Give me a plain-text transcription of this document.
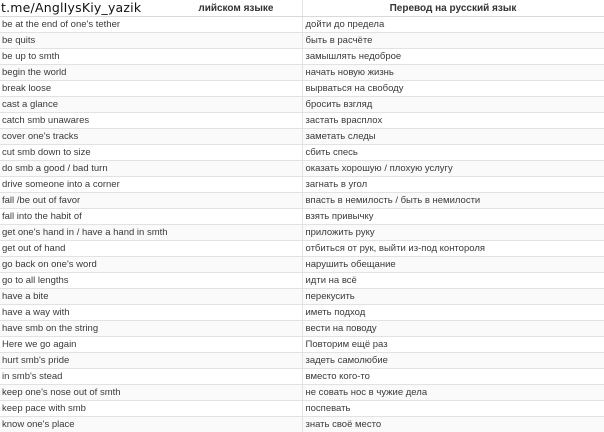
лийском языке	Перевод на русский язык
be at the end of one's tether	дойти до предела
be quits	быть в расчёте
be up to smth	замышлять недоброе
begin the world	начать новую жизнь
break loose	вырваться на свободу
cast a glance	бросить взгляд
catch smb unawares	застать врасплох
cover one's tracks	заметать следы
cut smb down to size	сбить спесь
do smb a good / bad turn	оказать хорошую / плохую услугу
drive someone into a corner	загнать в угол
fall /be out of favor	впасть в немилость / быть в немилости
fall into the habit of	взять привычку
get one's hand in / have a hand in smth	приложить руку
get out of hand	отбиться от рук, выйти из-под контороля
go back on one's word	нарушить обещание
go to all lengths	идти на всё
have a bite	перекусить
have a way with	иметь подход
have smb on the string	вести на поводу
Here we go again	Повторим ещё раз
hurt smb's pride	задеть самолюбие
in smb's stead	вместо кого-то
keep one's nose out of smth	не совать нос в чужие дела
keep pace with smb	поспевать
know one's place	знать своё место
t.me/AnglIysKiy_yazik
